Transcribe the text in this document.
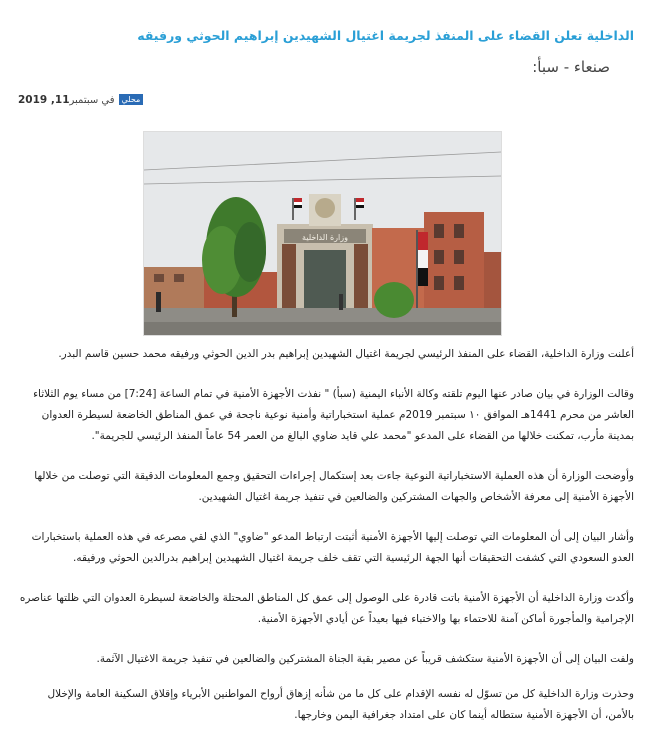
الداخلية تعلن القضاء على المنفذ لجريمة اغتيال الشهيدين إبراهيم الحوثي ورفيقه
صنعاء - سبأ:
في سبتمبر11, 2019	محلي
وزارة الداخلية

أعلنت وزارة الداخلية، القضاء على المنفذ الرئيسي لجريمة اغتيال الشهيدين إبراهيم بدر الدين الحوثي ورفيقه محمد حسين قاسم البدر.

وقالت الوزارة في بيان صادر عنها اليوم تلقته وكالة الأنباء اليمنية (سبأ) " نفذت الأجهزة الأمنية في تمام الساعة [7:24] من مساء يوم الثلاثاء العاشر من محرم 1441هـ الموافق ١٠ سبتمبر 2019م عملية استخباراتية وأمنية نوعية ناجحة في عمق المناطق الخاضعة لسيطرة العدوان بمدينة مأرب، تمكنت خلالها من القضاء على المدعو "محمد علي قايد ضاوي البالغ من العمر 54 عاماً المنفذ الرئيسي للجريمة".

وأوضحت الوزارة أن هذه العملية الاستخباراتية النوعية جاءت بعد إستكمال إجراءات التحقيق وجمع المعلومات الدقيقة التي توصلت من خلالها الأجهزة الأمنية إلى معرفة الأشخاص والجهات المشتركين والضالعين في تنفيذ جريمة اغتيال الشهيدين.

وأشار البيان إلى أن المعلومات التي توصلت إليها الأجهزة الأمنية أثبتت ارتباط المدعو "ضاوي" الذي لقي مصرعه في هذه العملية باستخبارات العدو السعودي التي كشفت التحقيقات أنها الجهة الرئيسية التي تقف خلف جريمة اغتيال الشهيدين إبراهيم بدرالدين الحوثي ورفيقه.

وأكدت وزارة الداخلية أن الأجهزة الأمنية باتت قادرة على الوصول إلى عمق كل المناطق المحتلة والخاضعة لسيطرة العدوان التي ظلتها عناصره الإجرامية والمأجورة أماكن آمنة للاحتماء بها والاختباء فيها بعيداً عن أيادي الأجهزة الأمنية.

ولفت البيان إلى أن الأجهزة الأمنية ستكشف قريباً عن مصير بقية الجناة المشتركين والضالعين في تنفيذ جريمة الاغتيال الآثمة.

وحذرت وزارة الداخلية كل من تسوّل له نفسه الإقدام على كل ما من شأنه إزهاق أرواح المواطنين الأبرياء وإقلاق السكينة العامة والإخلال بالأمن، أن الأجهزة الأمنية ستطاله أينما كان على امتداد جغرافية اليمن وخارجها.
